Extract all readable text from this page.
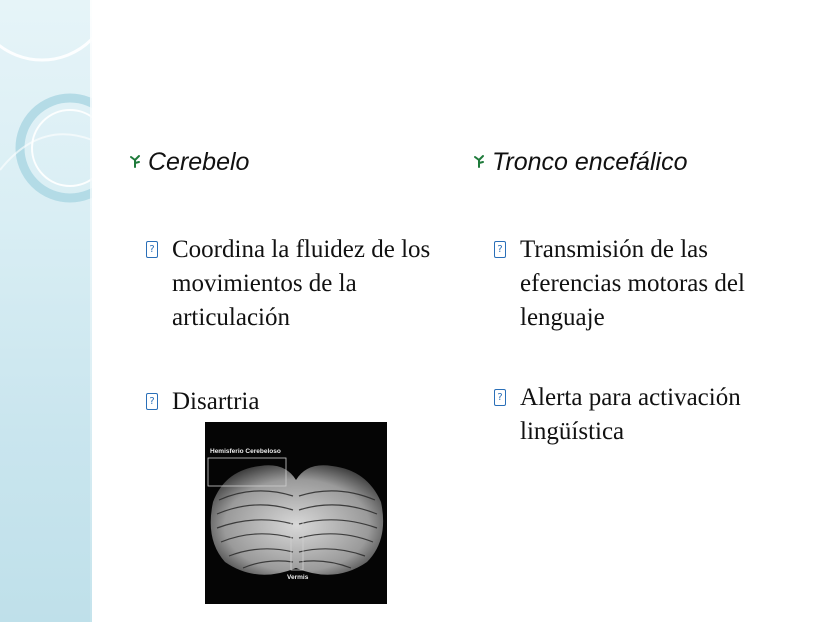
Cerebelo
? Coordina la fluidez de los movimientos de la articulación
? Disartria
Tronco encefálico
? Transmisión de las eferencias motoras del lenguaje
? Alerta para activación lingüística
Hemisferio Cerebeloso
Vermis
